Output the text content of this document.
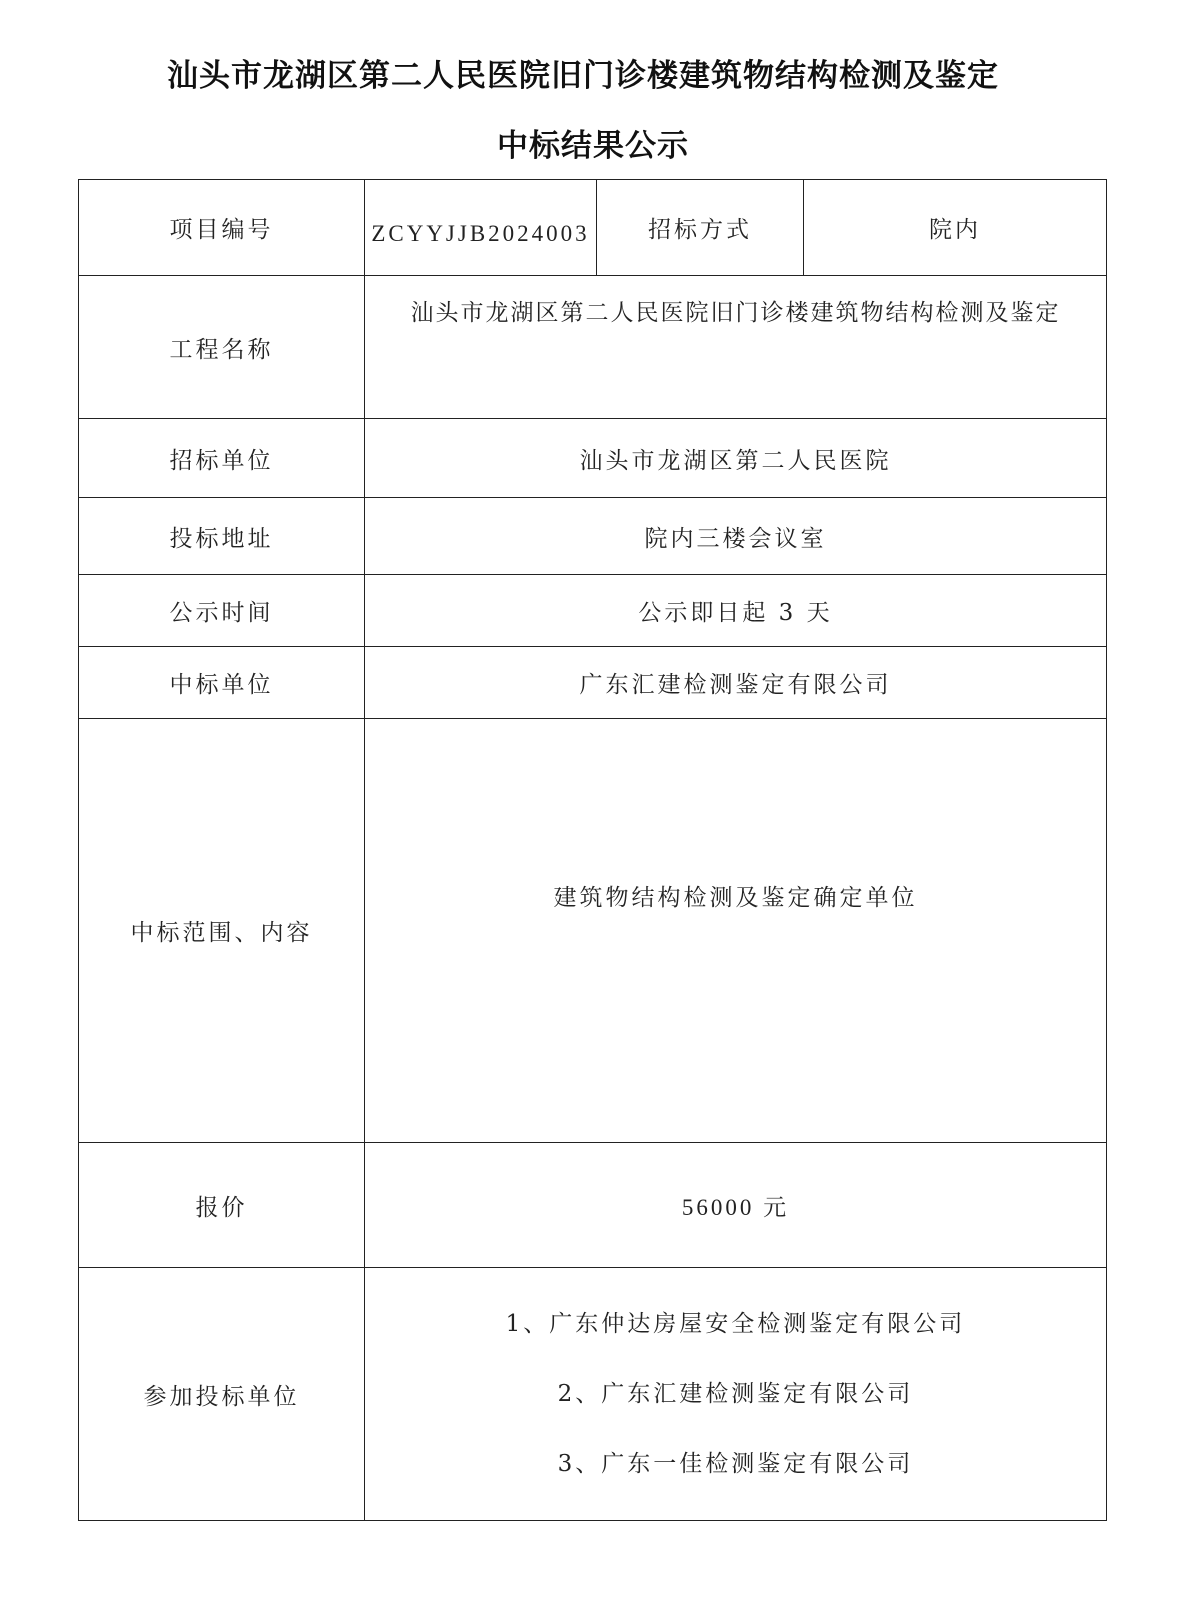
汕头市龙湖区第二人民医院旧门诊楼建筑物结构检测及鉴定
中标结果公示
项目编号	ZCYYJJB2024003	招标方式	院内
工程名称	汕头市龙湖区第二人民医院旧门诊楼建筑物结构检测及鉴定		
招标单位	汕头市龙湖区第二人民医院		
投标地址	院内三楼会议室		
公示时间	公示即日起 3 天		
中标单位	广东汇建检测鉴定有限公司		
中标范围、内容	建筑物结构检测及鉴定确定单位		
报价	56000 元		
参加投标单位	1、广东仲达房屋安全检测鉴定有限公司

2、广东汇建检测鉴定有限公司

3、广东一佳检测鉴定有限公司		
